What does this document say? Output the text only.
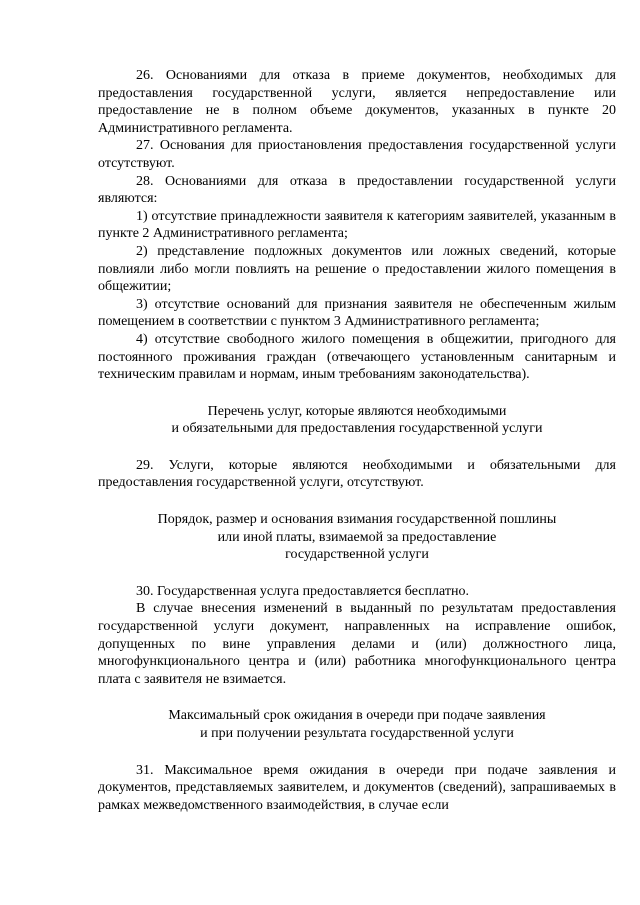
26. Основаниями для отказа в приеме документов, необходимых для предоставления государственной услуги, является непредоставление или предоставление не в полном объеме документов, указанных в пункте 20 Административного регламента.

27. Основания для приостановления предоставления государственной услуги отсутствуют.

28. Основаниями для отказа в предоставлении государственной услуги являются:

1) отсутствие принадлежности заявителя к категориям заявителей, указанным в пункте 2 Административного регламента;

2) представление подложных документов или ложных сведений, которые повлияли либо могли повлиять на решение о предоставлении жилого помещения в общежитии;

3) отсутствие оснований для признания заявителя не обеспеченным жилым помещением в соответствии с пунктом 3 Административного регламента;

4) отсутствие свободного жилого помещения в общежитии, пригодного для постоянного проживания граждан (отвечающего установленным санитарным и техническим правилам и нормам, иным требованиям законодательства).

Перечень услуг, которые являются необходимыми
и обязательными для предоставления государственной услуги

29. Услуги, которые являются необходимыми и обязательными для предоставления государственной услуги, отсутствуют.

Порядок, размер и основания взимания государственной пошлины
или иной платы, взимаемой за предоставление
государственной услуги

30. Государственная услуга предоставляется бесплатно.

В случае внесения изменений в выданный по результатам предоставления государственной услуги документ, направленных на исправление ошибок, допущенных по вине управления делами и (или) должностного лица, многофункционального центра и (или) работника многофункционального центра плата с заявителя не взимается.

Максимальный срок ожидания в очереди при подаче заявления
и при получении результата государственной услуги

31. Максимальное время ожидания в очереди при подаче заявления и документов, представляемых заявителем, и документов (сведений), запрашиваемых в рамках межведомственного взаимодействия, в случае если
